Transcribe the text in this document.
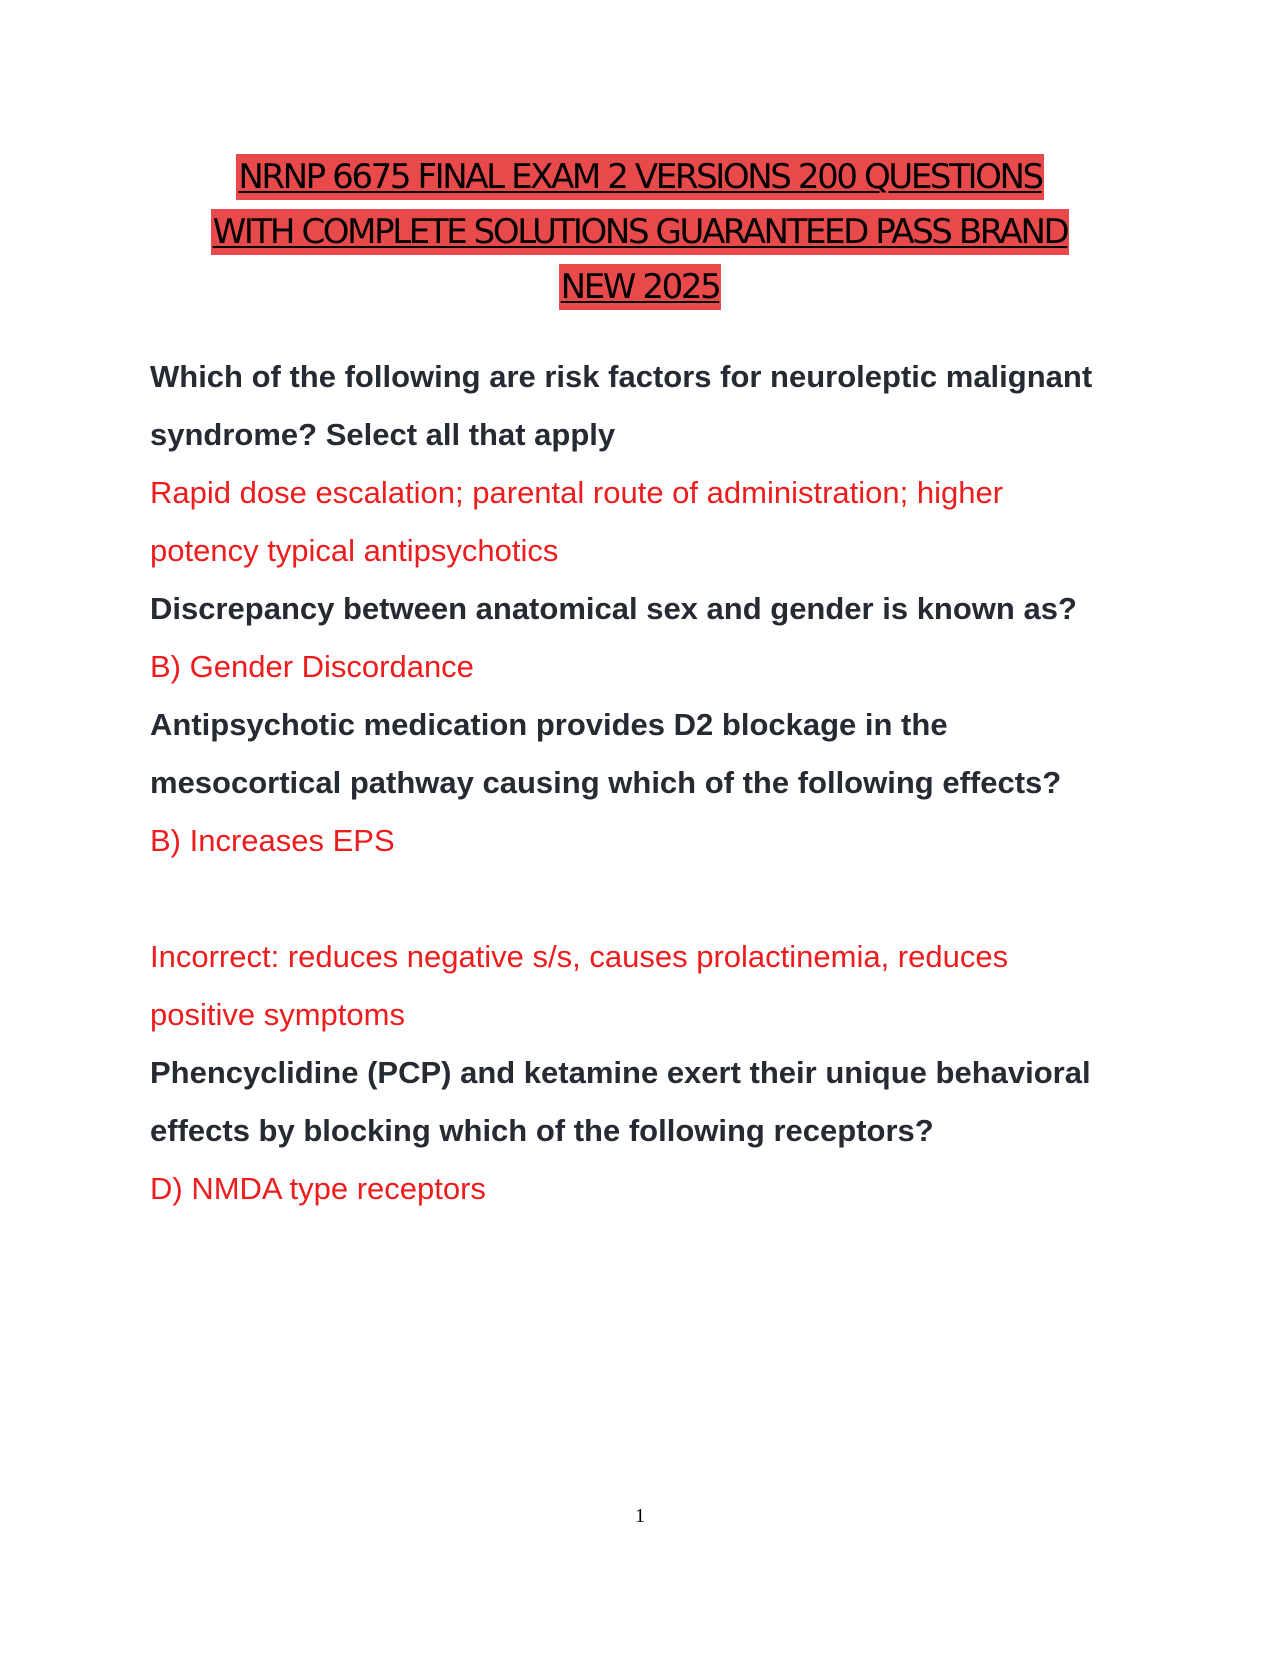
NRNP 6675 FINAL EXAM 2 VERSIONS 200 QUESTIONS
WITH COMPLETE SOLUTIONS GUARANTEED PASS BRAND
NEW 2025

Which of the following are risk factors for neuroleptic malignant syndrome? Select all that apply

Rapid dose escalation; parental route of administration; higher potency typical antipsychotics

Discrepancy between anatomical sex and gender is known as?

B) Gender Discordance

Antipsychotic medication provides D2 blockage in the mesocortical pathway causing which of the following effects?

B) Increases EPS

Incorrect: reduces negative s/s, causes prolactinemia, reduces positive symptoms

Phencyclidine (PCP) and ketamine exert their unique behavioral effects by blocking which of the following receptors?

D) NMDA type receptors

1
